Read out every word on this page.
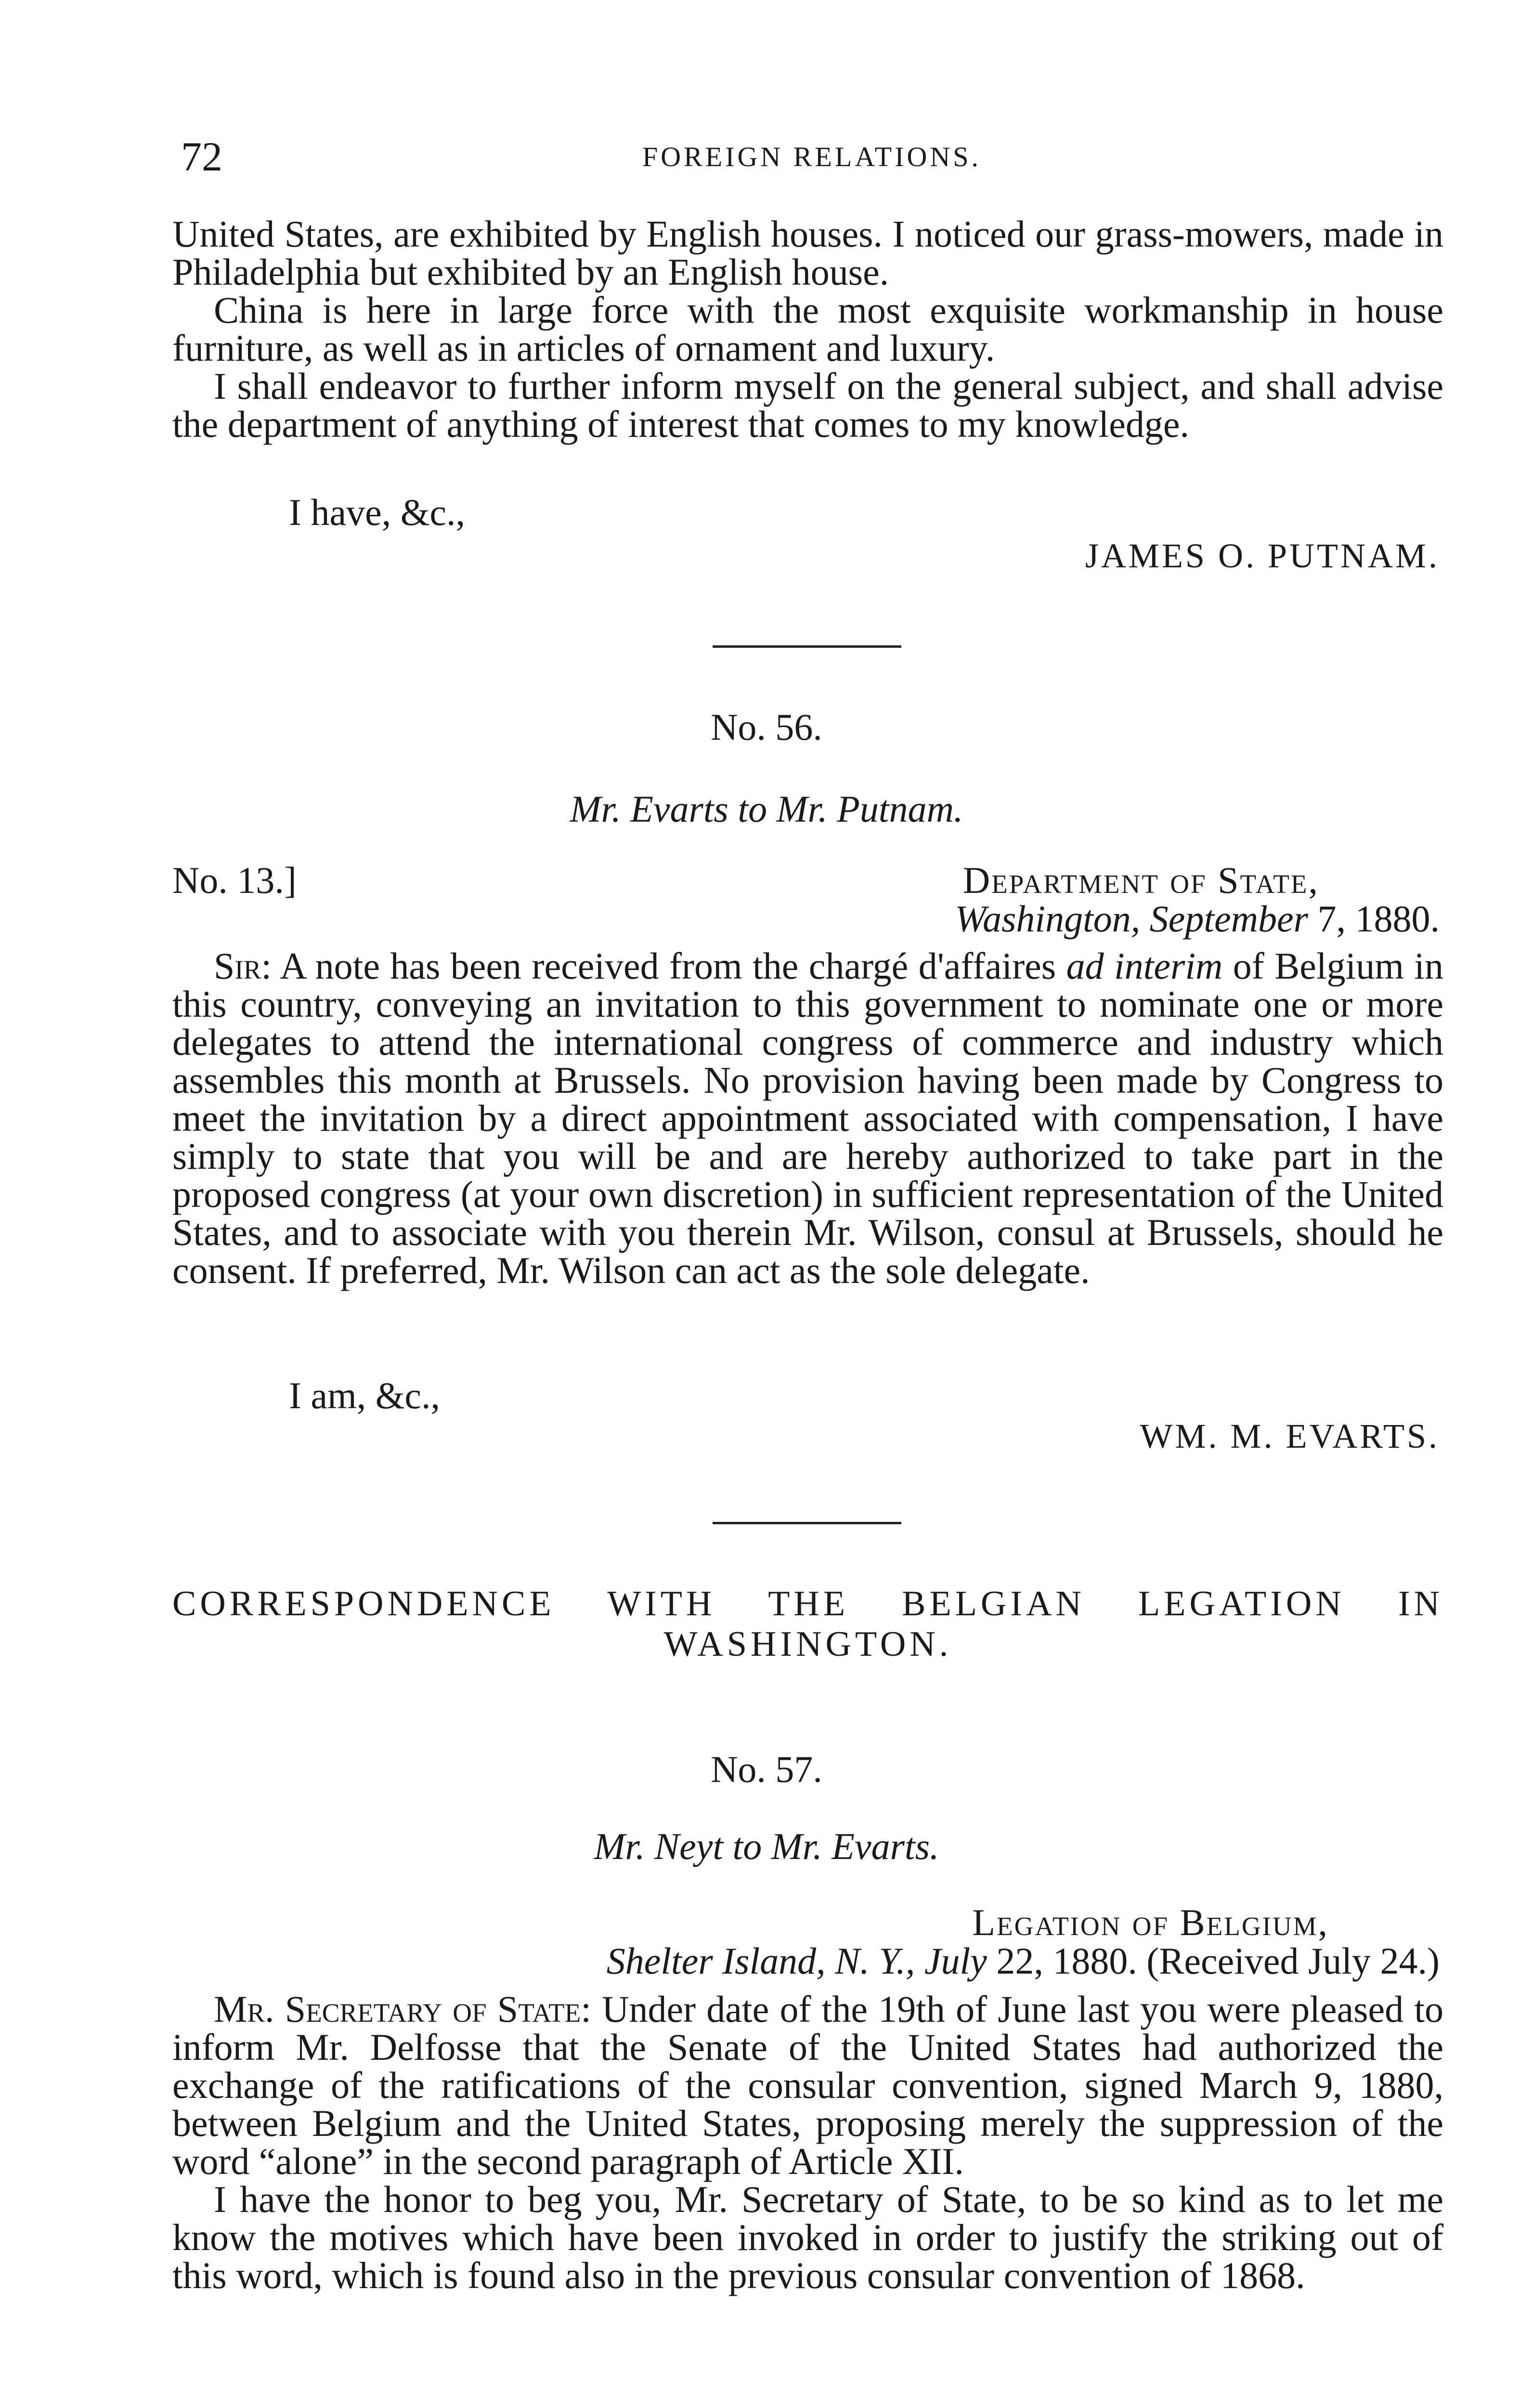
72	FOREIGN RELATIONS.

United States, are exhibited by English houses. I noticed our grass-mowers, made in Philadelphia but exhibited by an English house.

China is here in large force with the most exquisite workmanship in house furniture, as well as in articles of ornament and luxury.

I shall endeavor to further inform myself on the general subject, and shall advise the department of anything of interest that comes to my knowledge.

I have, &c.,
JAMES O. PUTNAM.
No. 56.
Mr. Evarts to Mr. Putnam.
No. 13.]	Department of State,
Washington, September 7, 1880.

Sir: A note has been received from the chargé d'affaires ad interim of Belgium in this country, conveying an invitation to this government to nominate one or more delegates to attend the international congress of commerce and industry which assembles this month at Brussels. No provision having been made by Congress to meet the invitation by a direct appointment associated with compensation, I have simply to state that you will be and are hereby authorized to take part in the proposed congress (at your own discretion) in sufficient representation of the United States, and to associate with you therein Mr. Wilson, consul at Brussels, should he consent. If preferred, Mr. Wilson can act as the sole delegate.

I am, &c.,
WM. M. EVARTS.
CORRESPONDENCE WITH THE BELGIAN LEGATION IN
WASHINGTON.
No. 57.
Mr. Neyt to Mr. Evarts.
Legation of Belgium,
Shelter Island, N. Y., July 22, 1880. (Received July 24.)

Mr. Secretary of State: Under date of the 19th of June last you were pleased to inform Mr. Delfosse that the Senate of the United States had authorized the exchange of the ratifications of the consular convention, signed March 9, 1880, between Belgium and the United States, proposing merely the suppression of the word “alone” in the second paragraph of Article XII.

I have the honor to beg you, Mr. Secretary of State, to be so kind as to let me know the motives which have been invoked in order to justify the striking out of this word, which is found also in the previous consular convention of 1868.
